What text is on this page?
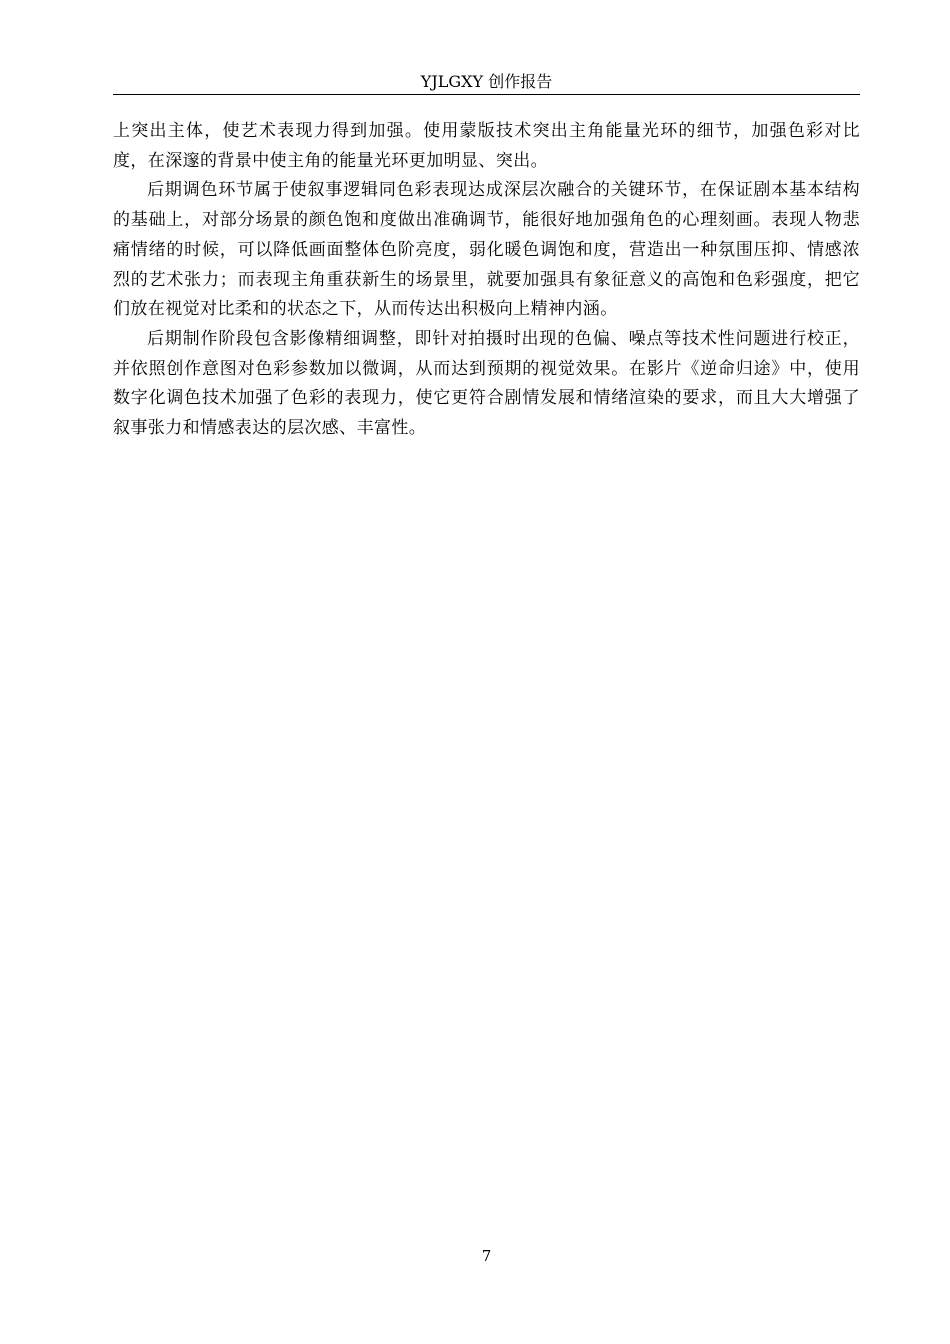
YJLGXY 创作报告

上突出主体，使艺术表现力得到加强。使用蒙版技术突出主角能量光环的细节，加强色彩对比度，在深邃的背景中使主角的能量光环更加明显、突出。

后期调色环节属于使叙事逻辑同色彩表现达成深层次融合的关键环节，在保证剧本基本结构的基础上，对部分场景的颜色饱和度做出准确调节，能很好地加强角色的心理刻画。表现人物悲痛情绪的时候，可以降低画面整体色阶亮度，弱化暖色调饱和度，营造出一种氛围压抑、情感浓烈的艺术张力；而表现主角重获新生的场景里，就要加强具有象征意义的高饱和色彩强度，把它们放在视觉对比柔和的状态之下，从而传达出积极向上精神内涵。

后期制作阶段包含影像精细调整，即针对拍摄时出现的色偏、噪点等技术性问题进行校正，并依照创作意图对色彩参数加以微调，从而达到预期的视觉效果。在影片《逆命归途》中，使用数字化调色技术加强了色彩的表现力，使它更符合剧情发展和情绪渲染的要求，而且大大增强了叙事张力和情感表达的层次感、丰富性。

7
